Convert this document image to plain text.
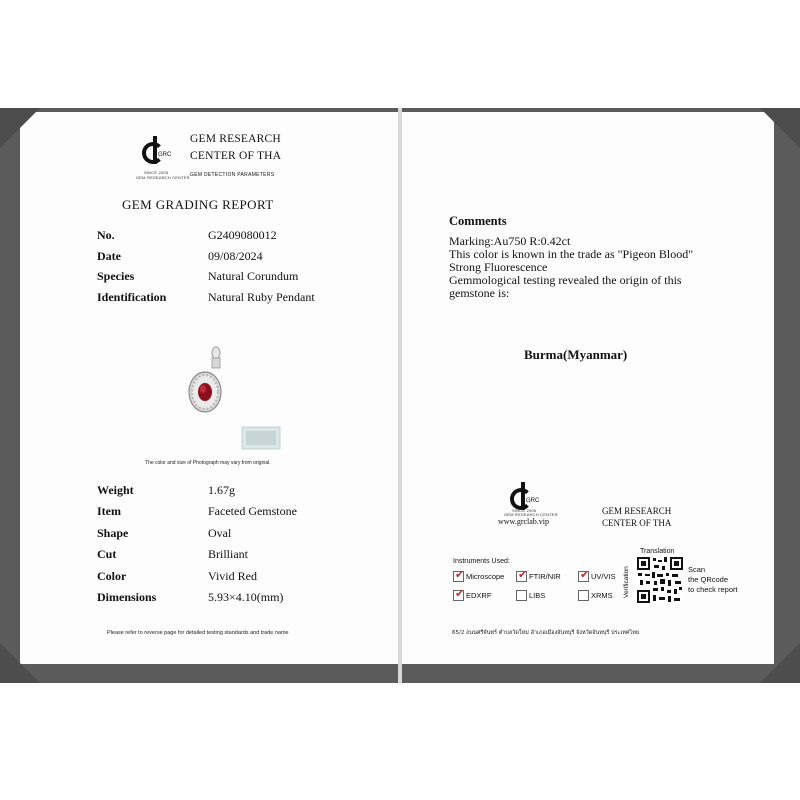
GRC
SINCE 2005
GEM RESEARCH CENTER
GEM RESEARCH
CENTER OF THA
GEM DETECTION PARAMETERS
GEM GRADING REPORT
No.	G2409080012
Date	09/08/2024
Species	Natural Corundum
Identification	Natural Ruby Pendant
The color and size of Photograph may vary from original.
Weight	1.67g
Item	Faceted Gemstone
Shape	Oval
Cut	Brilliant
Color	Vivid Red
Dimensions	5.93×4.10(mm)
Please refer to reverse page for detailed testing standards and trade name
Comments
Marking:Au750 R:0.42ct
This color is known in the trade as "Pigeon Blood"
Strong Fluorescence
Gemmological testing revealed the origin of this
gemstone is:
Burma(Myanmar)
GRC
SINCE 2005
GEM RESEARCH CENTER
www.grclab.vip
GEM RESEARCH
CENTER OF THA
Instruments Used:
✔ Microscope ✔ FTIR/NIR ✔ UV/VIS
✔ EDXRF	LIBS	XRMS
Translation
Verification	Scan
the QRcode
to check report
65/2 ถนนศรีจันทร์ ตำบลวัดใหม่ อำเภอเมืองจันทบุรี จังหวัดจันทบุรี ประเทศไทย
